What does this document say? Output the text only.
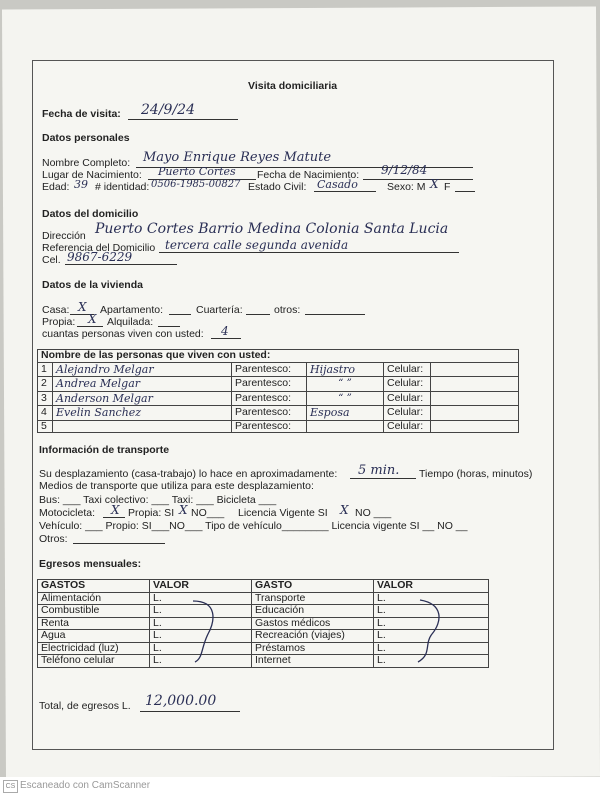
Visita domiciliaria
Fecha de visita: 24/9/24
Datos personales
Nombre Completo: Mayo Enrique Reyes Matute
Lugar de Nacimiento: Puerto Cortes Fecha de Nacimiento: 9/12/84
Edad: 39 # identidad: 0506-1985-00827 Estado Civil: Casado	Sexo: M X F
Datos del domicilio
Dirección Puerto Cortes Barrio Medina Colonia Santa Lucia
Referencia del Domicilio tercera calle segunda avenida
Cel. 9867-6229
Datos de la vivienda
Casa: X Apartamento:	Cuartería:	otros:
Propia: X Alquilada:
cuantas personas viven con usted: 4
Nombre de las personas que viven con usted:					
1	Alejandro Melgar	Parentesco:	Hijastro	Celular:	
2	Andrea Melgar	Parentesco:	“ ”	Celular:	
3	Anderson Melgar	Parentesco:	“ ”	Celular:	
4	Evelin Sanchez	Parentesco:	Esposa	Celular:	
5		Parentesco:		Celular:	
Información de transporte
Su desplazamiento (casa-trabajo) lo hace en aproximadamente: 5 min. Tiempo (horas, minutos)
Medios de transporte que utiliza para este desplazamiento:
Bus: ___ Taxi colectivo: ___ Taxi: ___ Bicicleta ___
Motocicleta: X Propia: SI X NO___ Licencia Vigente SI X NO ___
Vehículo: ___ Propio: SI___NO___ Tipo de vehículo________ Licencia vigente SI __ NO __
Otros:
Egresos mensuales:
GASTOS	VALOR	GASTO	VALOR
Alimentación	L.	Transporte	L.
Combustible	L.	Educación	L.
Renta	L.	Gastos médicos	L.
Agua	L.	Recreación (viajes)	L.
Electricidad (luz)	L.	Préstamos	L.
Teléfono celular	L.	Internet	L.
Total, de egresos L. 12,000.00
CS Escaneado con CamScanner
